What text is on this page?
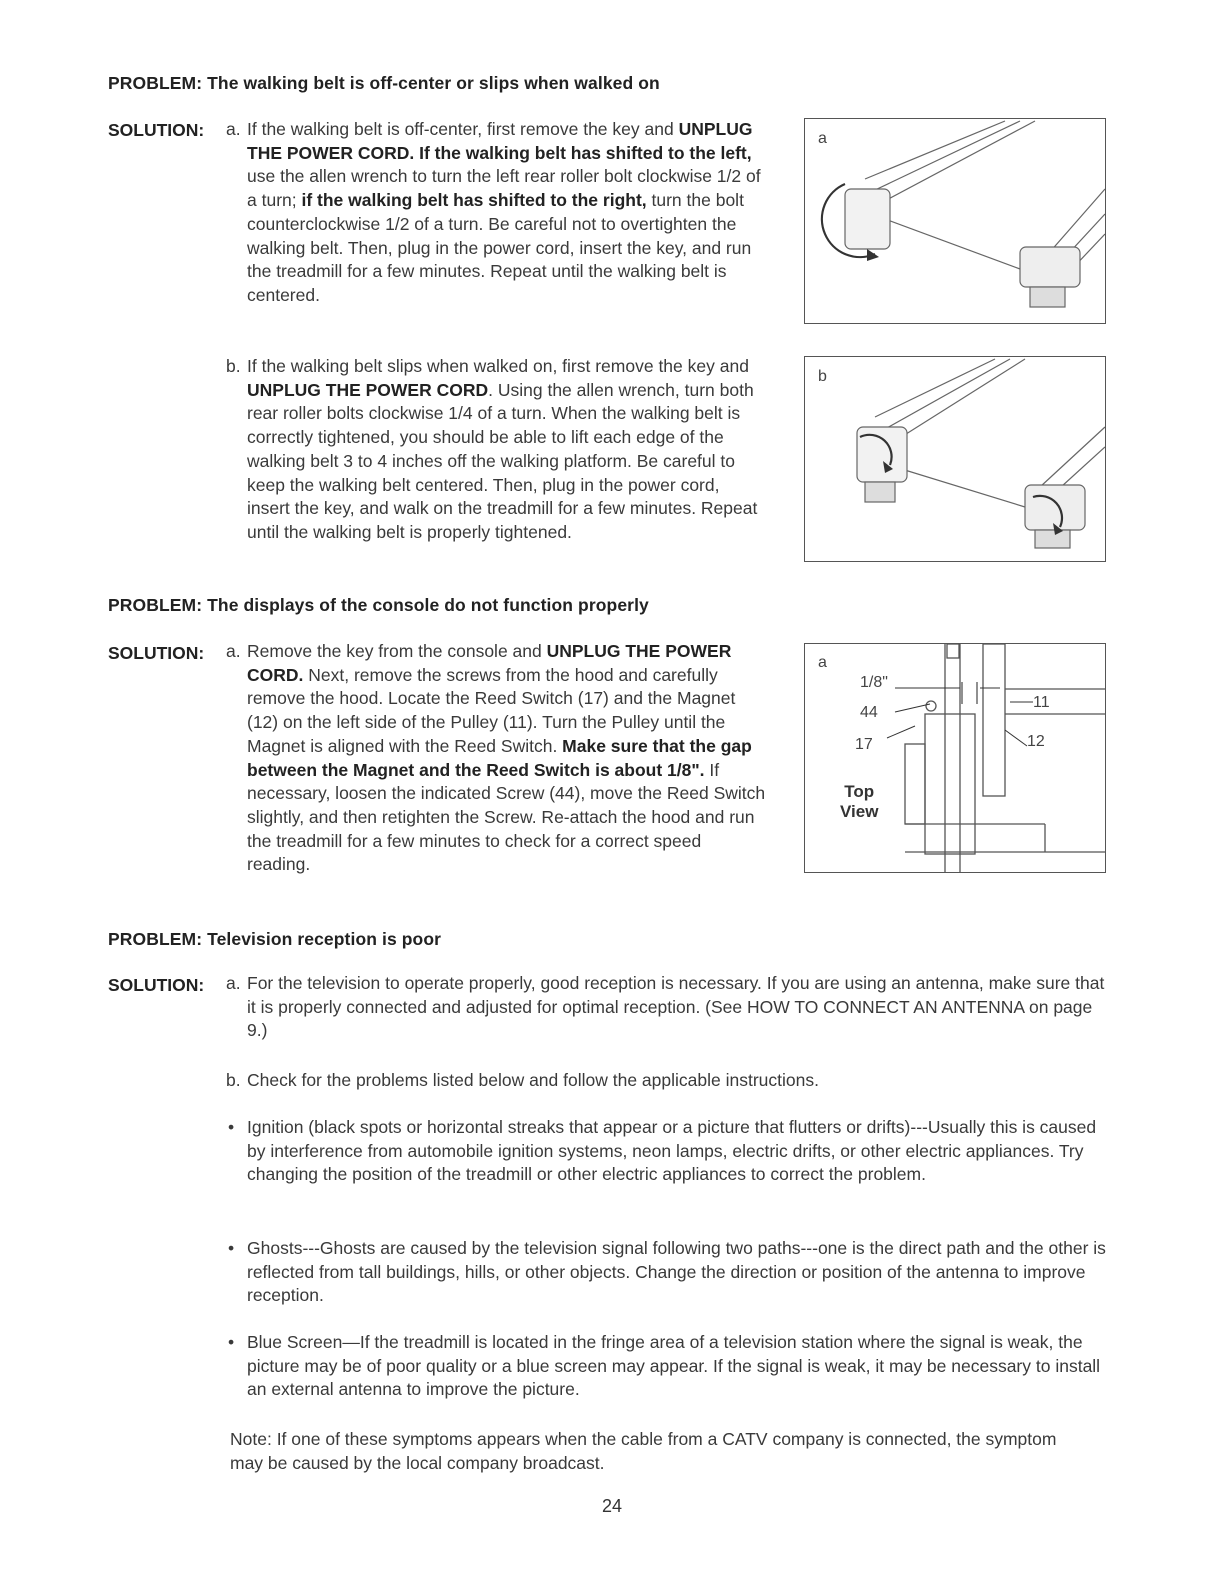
PROBLEM: The walking belt is off-center or slips when walked on
SOLUTION: a. If the walking belt is off-center, first remove the key and UNPLUG THE POWER CORD. If the walking belt has shifted to the left, use the allen wrench to turn the left rear roller bolt clockwise 1/2 of a turn; if the walking belt has shifted to the right, turn the bolt counterclockwise 1/2 of a turn. Be careful not to overtighten the walking belt. Then, plug in the power cord, insert the key, and run the treadmill for a few minutes. Repeat until the walking belt is centered.

b. If the walking belt slips when walked on, first remove the key and UNPLUG THE POWER CORD. Using the allen wrench, turn both rear roller bolts clockwise 1/4 of a turn. When the walking belt is correctly tightened, you should be able to lift each edge of the walking belt 3 to 4 inches off the walking platform. Be careful to keep the walking belt centered. Then, plug in the power cord, insert the key, and walk on the treadmill for a few minutes. Repeat until the walking belt is properly tightened.

a
b
PROBLEM: The displays of the console do not function properly
SOLUTION: a. Remove the key from the console and UNPLUG THE POWER CORD. Next, remove the screws from the hood and carefully remove the hood. Locate the Reed Switch (17) and the Magnet (12) on the left side of the Pulley (11). Turn the Pulley until the Magnet is aligned with the Reed Switch. Make sure that the gap between the Magnet and the Reed Switch is about 1/8". If necessary, loosen the indicated Screw (44), move the Reed Switch slightly, and then retighten the Screw. Re-attach the hood and run the treadmill for a few minutes to check for a correct speed reading.

a
1/8"
44
17
11
12
Top
View
PROBLEM: Television reception is poor
SOLUTION: a. For the television to operate properly, good reception is necessary. If you are using an antenna, make sure that it is properly connected and adjusted for optimal reception. (See HOW TO CONNECT AN ANTENNA on page 9.)

b. Check for the problems listed below and follow the applicable instructions.

• Ignition (black spots or horizontal streaks that appear or a picture that flutters or drifts)---Usually this is caused by interference from automobile ignition systems, neon lamps, electric drifts, or other electric appliances. Try changing the position of the treadmill or other electric appliances to correct the problem.

• Ghosts---Ghosts are caused by the television signal following two paths---one is the direct path and the other is reflected from tall buildings, hills, or other objects. Change the direction or position of the antenna to improve reception.

• Blue Screen—If the treadmill is located in the fringe area of a television station where the signal is weak, the picture may be of poor quality or a blue screen may appear. If the signal is weak, it may be necessary to install an external antenna to improve the picture.

Note: If one of these symptoms appears when the cable from a CATV company is connected, the symptom may be caused by the local company broadcast.
24
